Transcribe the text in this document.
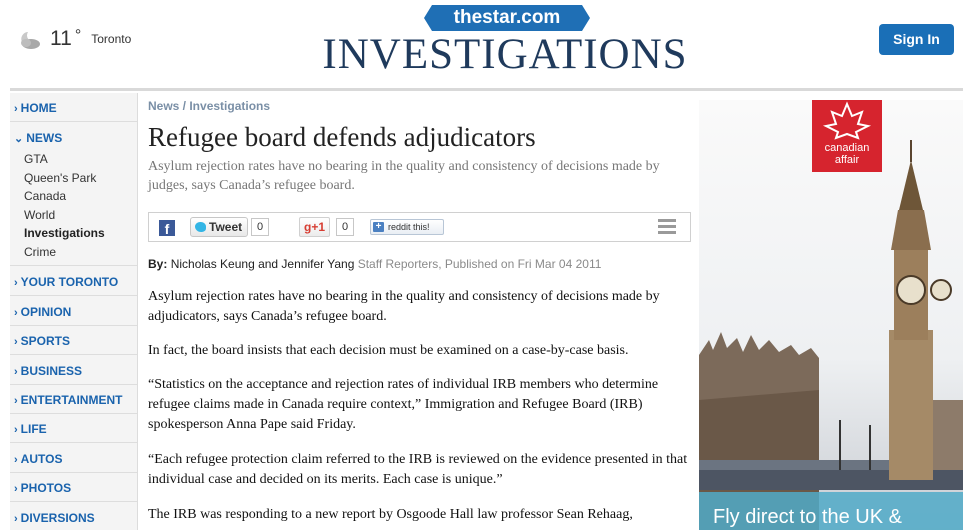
11 ° Toronto
thestar.com
INVESTIGATIONS	Sign In
› HOME
⌄ NEWS
GTA
Queen's Park
Canada
World
Investigations
Crime
› YOUR TORONTO
› OPINION
› SPORTS
› BUSINESS
› ENTERTAINMENT
› LIFE
› AUTOS
› PHOTOS
› DIVERSIONS
News / Investigations
Refugee board defends adjudicators
Asylum rejection rates have no bearing in the quality and consistency of decisions made by judges, says Canada’s refugee board.
f	Tweet	0	g+1	0	+ reddit this!
By: Nicholas Keung and Jennifer Yang Staff Reporters, Published on Fri Mar 04 2011
Asylum rejection rates have no bearing in the quality and consistency of decisions made by adjudicators, says Canada’s refugee board.
In fact, the board insists that each decision must be examined on a case-by-case basis.
“Statistics on the acceptance and rejection rates of individual IRB members who determine refugee claims made in Canada require context,” Immigration and Refugee Board (IRB) spokesperson Anna Pape said Friday.
“Each refugee protection claim referred to the IRB is reviewed on the evidence presented in that individual case and decided on its merits. Each case is unique.”
The IRB was responding to a new report by Osgoode Hall law professor Sean Rehaag,
canadian
affair
Fly direct to the UK &
